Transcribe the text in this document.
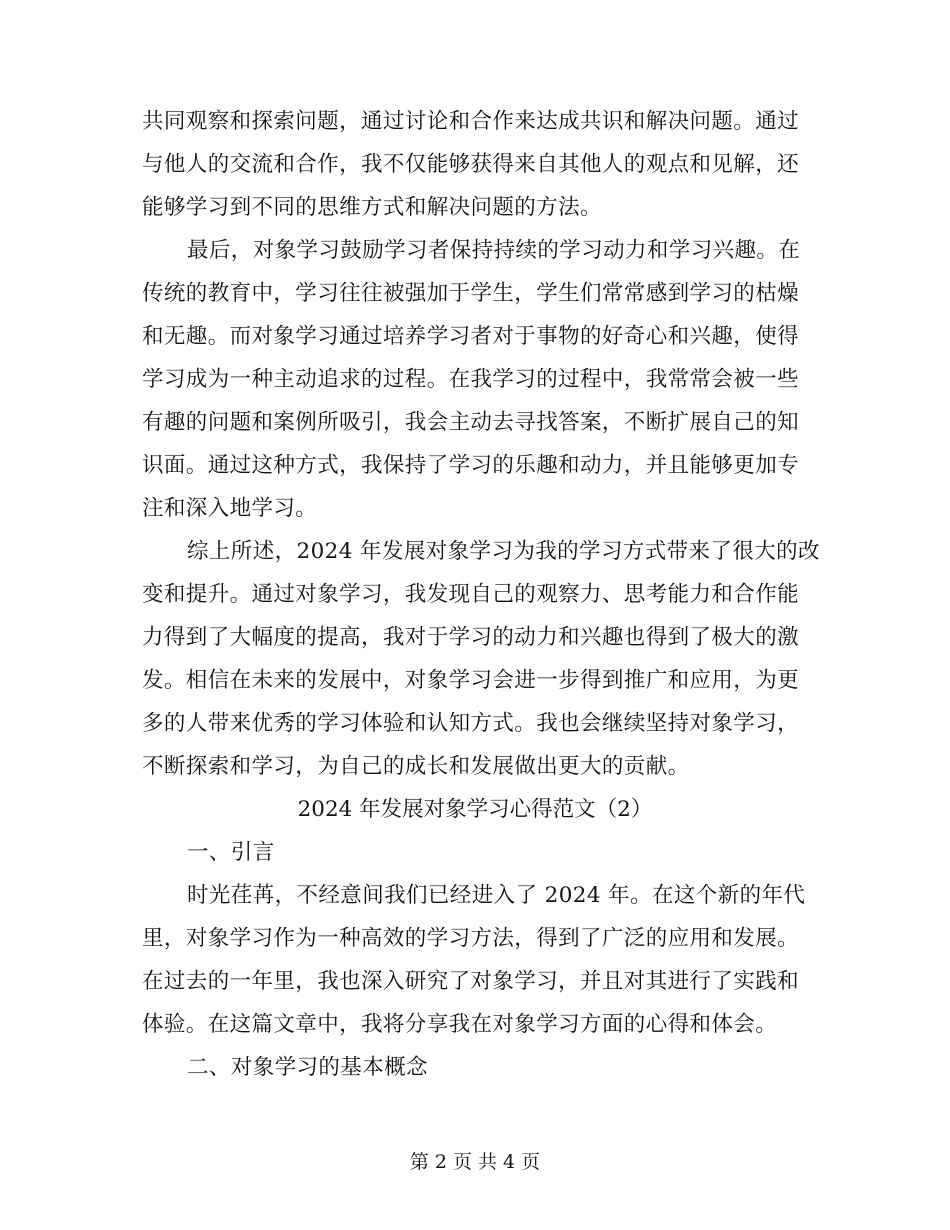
共同观察和探索问题，通过讨论和合作来达成共识和解决问题。通过
与他人的交流和合作，我不仅能够获得来自其他人的观点和见解，还
能够学习到不同的思维方式和解决问题的方法。
最后，对象学习鼓励学习者保持持续的学习动力和学习兴趣。在
传统的教育中，学习往往被强加于学生，学生们常常感到学习的枯燥
和无趣。而对象学习通过培养学习者对于事物的好奇心和兴趣，使得
学习成为一种主动追求的过程。在我学习的过程中，我常常会被一些
有趣的问题和案例所吸引，我会主动去寻找答案，不断扩展自己的知
识面。通过这种方式，我保持了学习的乐趣和动力，并且能够更加专
注和深入地学习。
综上所述，2024 年发展对象学习为我的学习方式带来了很大的改
变和提升。通过对象学习，我发现自己的观察力、思考能力和合作能
力得到了大幅度的提高，我对于学习的动力和兴趣也得到了极大的激
发。相信在未来的发展中，对象学习会进一步得到推广和应用，为更
多的人带来优秀的学习体验和认知方式。我也会继续坚持对象学习，
不断探索和学习，为自己的成长和发展做出更大的贡献。
2024 年发展对象学习心得范文（2）
一、引言
时光荏苒，不经意间我们已经进入了 2024 年。在这个新的年代
里，对象学习作为一种高效的学习方法，得到了广泛的应用和发展。
在过去的一年里，我也深入研究了对象学习，并且对其进行了实践和
体验。在这篇文章中，我将分享我在对象学习方面的心得和体会。
二、对象学习的基本概念
第 2 页 共 4 页
